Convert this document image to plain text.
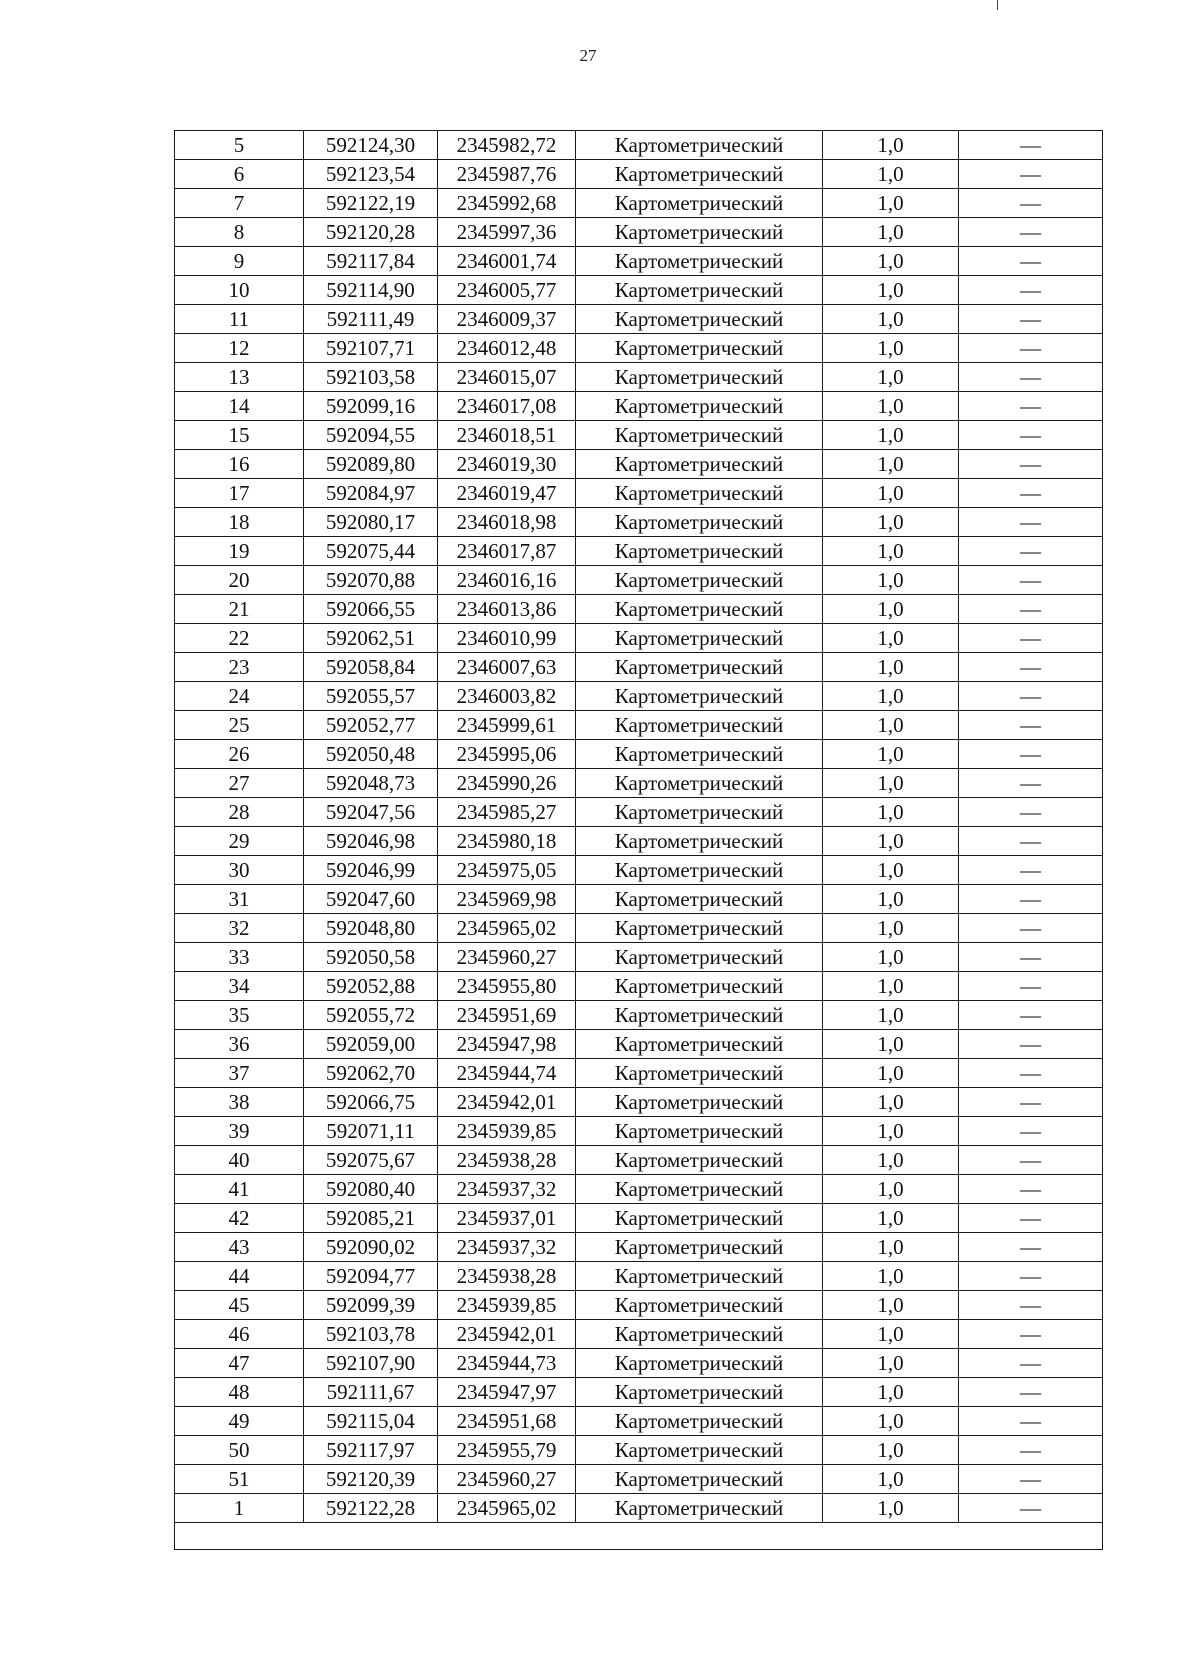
27
5	592124,30	2345982,72	Картометрический	1,0	—
6	592123,54	2345987,76	Картометрический	1,0	—
7	592122,19	2345992,68	Картометрический	1,0	—
8	592120,28	2345997,36	Картометрический	1,0	—
9	592117,84	2346001,74	Картометрический	1,0	—
10	592114,90	2346005,77	Картометрический	1,0	—
11	592111,49	2346009,37	Картометрический	1,0	—
12	592107,71	2346012,48	Картометрический	1,0	—
13	592103,58	2346015,07	Картометрический	1,0	—
14	592099,16	2346017,08	Картометрический	1,0	—
15	592094,55	2346018,51	Картометрический	1,0	—
16	592089,80	2346019,30	Картометрический	1,0	—
17	592084,97	2346019,47	Картометрический	1,0	—
18	592080,17	2346018,98	Картометрический	1,0	—
19	592075,44	2346017,87	Картометрический	1,0	—
20	592070,88	2346016,16	Картометрический	1,0	—
21	592066,55	2346013,86	Картометрический	1,0	—
22	592062,51	2346010,99	Картометрический	1,0	—
23	592058,84	2346007,63	Картометрический	1,0	—
24	592055,57	2346003,82	Картометрический	1,0	—
25	592052,77	2345999,61	Картометрический	1,0	—
26	592050,48	2345995,06	Картометрический	1,0	—
27	592048,73	2345990,26	Картометрический	1,0	—
28	592047,56	2345985,27	Картометрический	1,0	—
29	592046,98	2345980,18	Картометрический	1,0	—
30	592046,99	2345975,05	Картометрический	1,0	—
31	592047,60	2345969,98	Картометрический	1,0	—
32	592048,80	2345965,02	Картометрический	1,0	—
33	592050,58	2345960,27	Картометрический	1,0	—
34	592052,88	2345955,80	Картометрический	1,0	—
35	592055,72	2345951,69	Картометрический	1,0	—
36	592059,00	2345947,98	Картометрический	1,0	—
37	592062,70	2345944,74	Картометрический	1,0	—
38	592066,75	2345942,01	Картометрический	1,0	—
39	592071,11	2345939,85	Картометрический	1,0	—
40	592075,67	2345938,28	Картометрический	1,0	—
41	592080,40	2345937,32	Картометрический	1,0	—
42	592085,21	2345937,01	Картометрический	1,0	—
43	592090,02	2345937,32	Картометрический	1,0	—
44	592094,77	2345938,28	Картометрический	1,0	—
45	592099,39	2345939,85	Картометрический	1,0	—
46	592103,78	2345942,01	Картометрический	1,0	—
47	592107,90	2345944,73	Картометрический	1,0	—
48	592111,67	2345947,97	Картометрический	1,0	—
49	592115,04	2345951,68	Картометрический	1,0	—
50	592117,97	2345955,79	Картометрический	1,0	—
51	592120,39	2345960,27	Картометрический	1,0	—
1	592122,28	2345965,02	Картометрический	1,0	—
